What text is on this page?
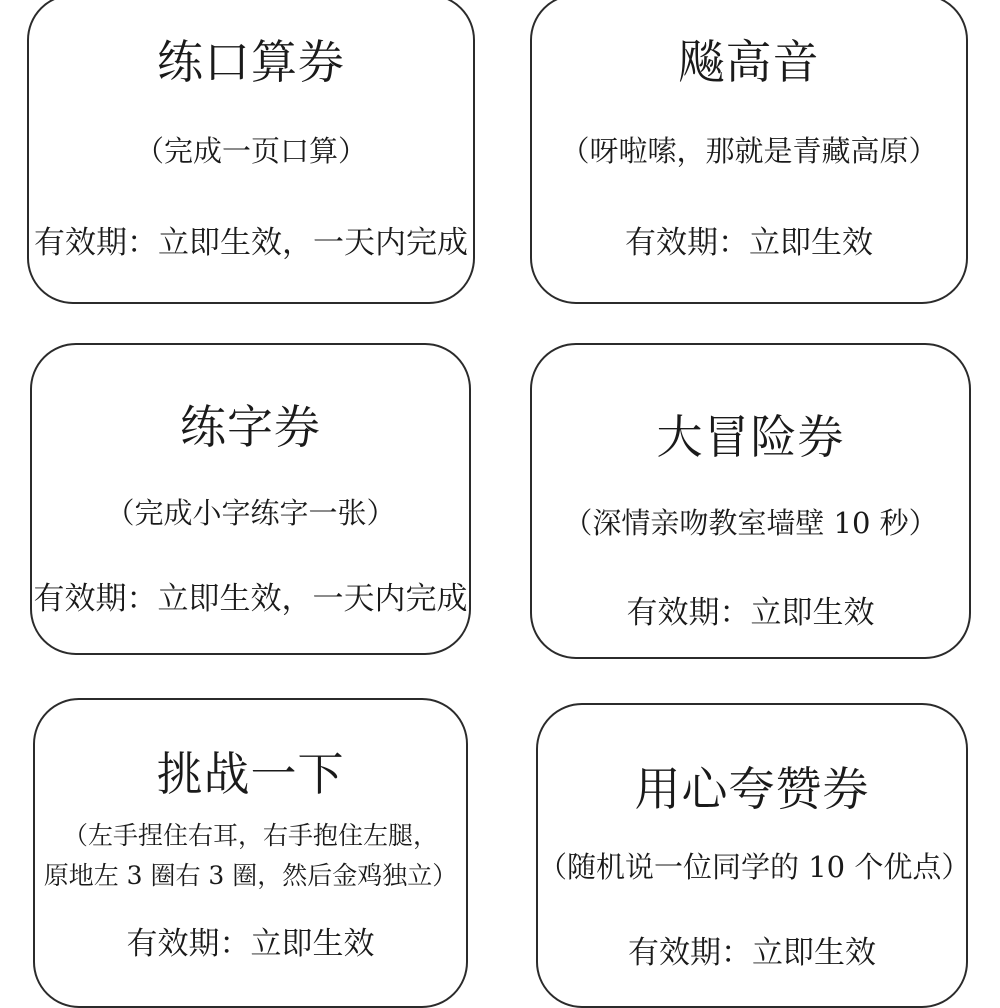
练口算券
（完成一页口算）
有效期：立即生效，一天内完成
飚高音
（呀啦嗦，那就是青藏高原）
有效期：立即生效
练字券
（完成小字练字一张）
有效期：立即生效，一天内完成
大冒险券
（深情亲吻教室墙壁 10 秒）
有效期：立即生效
挑战一下
（左手捏住右耳，右手抱住左腿，
原地左 3 圈右 3 圈，然后金鸡独立）
有效期：立即生效
用心夸赞券
（随机说一位同学的 10 个优点）
有效期：立即生效
